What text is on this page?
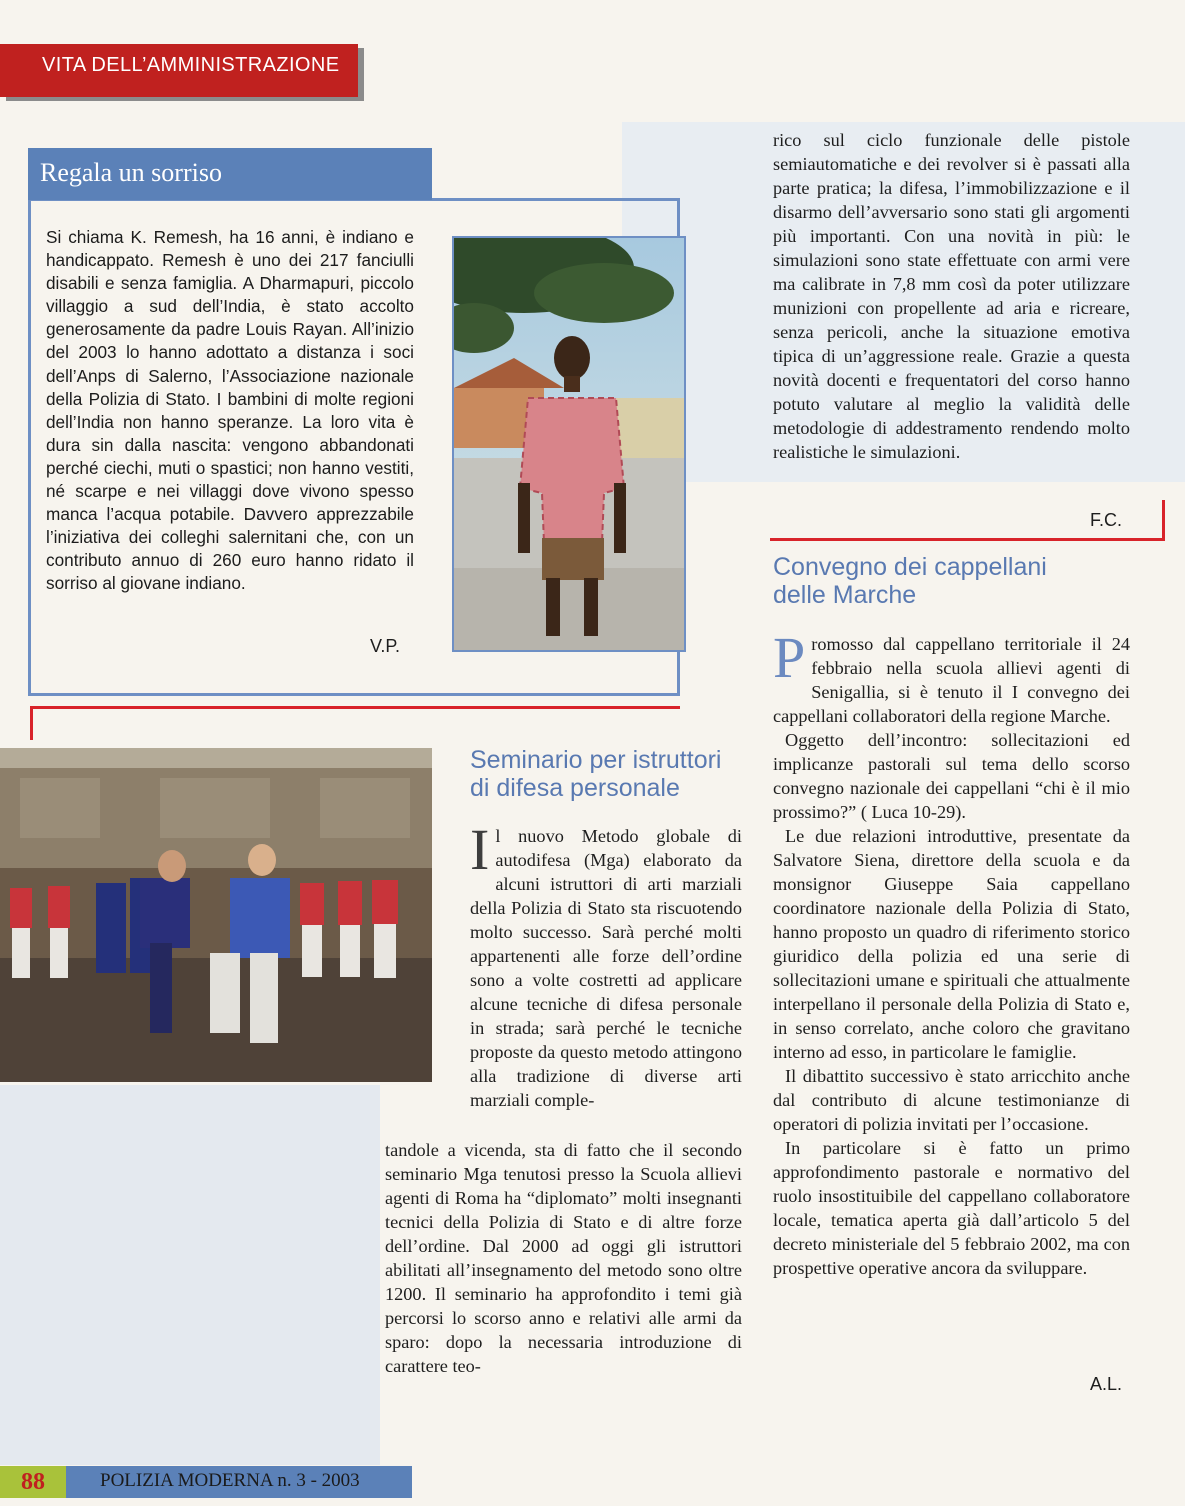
VITA DELL’AMMINISTRAZIONE
Regala un sorriso
Si chiama K. Remesh, ha 16 anni, è indiano e handicappato. Remesh è uno dei 217 fanciulli disabili e senza famiglia. A Dharmapuri, piccolo villaggio a sud dell’India, è stato accolto generosamente da padre Louis Rayan. All’inizio del 2003 lo hanno adottato a distanza i soci dell’Anps di Salerno, l’Associazione nazionale della Polizia di Stato. I bambini di molte regioni dell’India non hanno speranze. La loro vita è dura sin dalla nascita: vengono abbandonati perché ciechi, muti o spastici; non hanno vestiti, né scarpe e nei villaggi dove vivono spesso manca l’acqua potabile. Davvero apprezzabile l’iniziativa dei colleghi salernitani che, con un contributo annuo di 260 euro hanno ridato il sorriso al giovane indiano.
V.P.
Seminario per istruttori
di difesa personale
Il nuovo Metodo globale di autodifesa (Mga) elaborato da alcuni istruttori di arti marziali della Polizia di Stato sta riscuotendo molto successo. Sarà perché molti appartenenti alle forze dell’ordine sono a volte costretti ad applicare alcune tecniche di difesa personale in strada; sarà perché le tecniche proposte da questo metodo attingono alla tradizione di diverse arti marziali comple-
tandole a vicenda, sta di fatto che il secondo seminario Mga tenutosi presso la Scuola allievi agenti di Roma ha “diplomato” molti insegnanti tecnici della Polizia di Stato e di altre forze dell’ordine. Dal 2000 ad oggi gli istruttori abilitati all’insegnamento del metodo sono oltre 1200. Il seminario ha approfondito i temi già percorsi lo scorso anno e relativi alle armi da sparo: dopo la necessaria introduzione di carattere teo-
rico sul ciclo funzionale delle pistole semiautomatiche e dei revolver si è passati alla parte pratica; la difesa, l’immobilizzazione e il disarmo dell’avversario sono stati gli argomenti più importanti. Con una novità in più: le simulazioni sono state effettuate con armi vere ma calibrate in 7,8 mm così da poter utilizzare munizioni con propellente ad aria e ricreare, senza pericoli, anche la situazione emotiva tipica di un’aggressione reale. Grazie a questa novità docenti e frequentatori del corso hanno potuto valutare al meglio la validità delle metodologie di addestramento rendendo molto realistiche le simulazioni.
F.C.
Convegno dei cappellani
delle Marche

Promosso dal cappellano territoriale il 24 febbraio nella scuola allievi agenti di Senigallia, si è tenuto il I convegno dei cappellani collaboratori della regione Marche.

Oggetto dell’incontro: sollecitazioni ed implicanze pastorali sul tema dello scorso convegno nazionale dei cappellani “chi è il mio prossimo?” ( Luca 10-29).

Le due relazioni introduttive, presentate da Salvatore Siena, direttore della scuola e da monsignor Giuseppe Saia cappellano coordinatore nazionale della Polizia di Stato, hanno proposto un quadro di riferimento storico giuridico della polizia ed una serie di sollecitazioni umane e spirituali che attualmente interpellano il personale della Polizia di Stato e, in senso correlato, anche coloro che gravitano interno ad esso, in particolare le famiglie.

Il dibattito successivo è stato arricchito anche dal contributo di alcune testimonianze di operatori di polizia invitati per l’occasione.

In particolare si è fatto un primo approfondimento pastorale e normativo del ruolo insostituibile del cappellano collaboratore locale, tematica aperta già dall’articolo 5 del decreto ministeriale del 5 febbraio 2002, ma con prospettive operative ancora da sviluppare.

A.L.
88	POLIZIA MODERNA n. 3 - 2003
